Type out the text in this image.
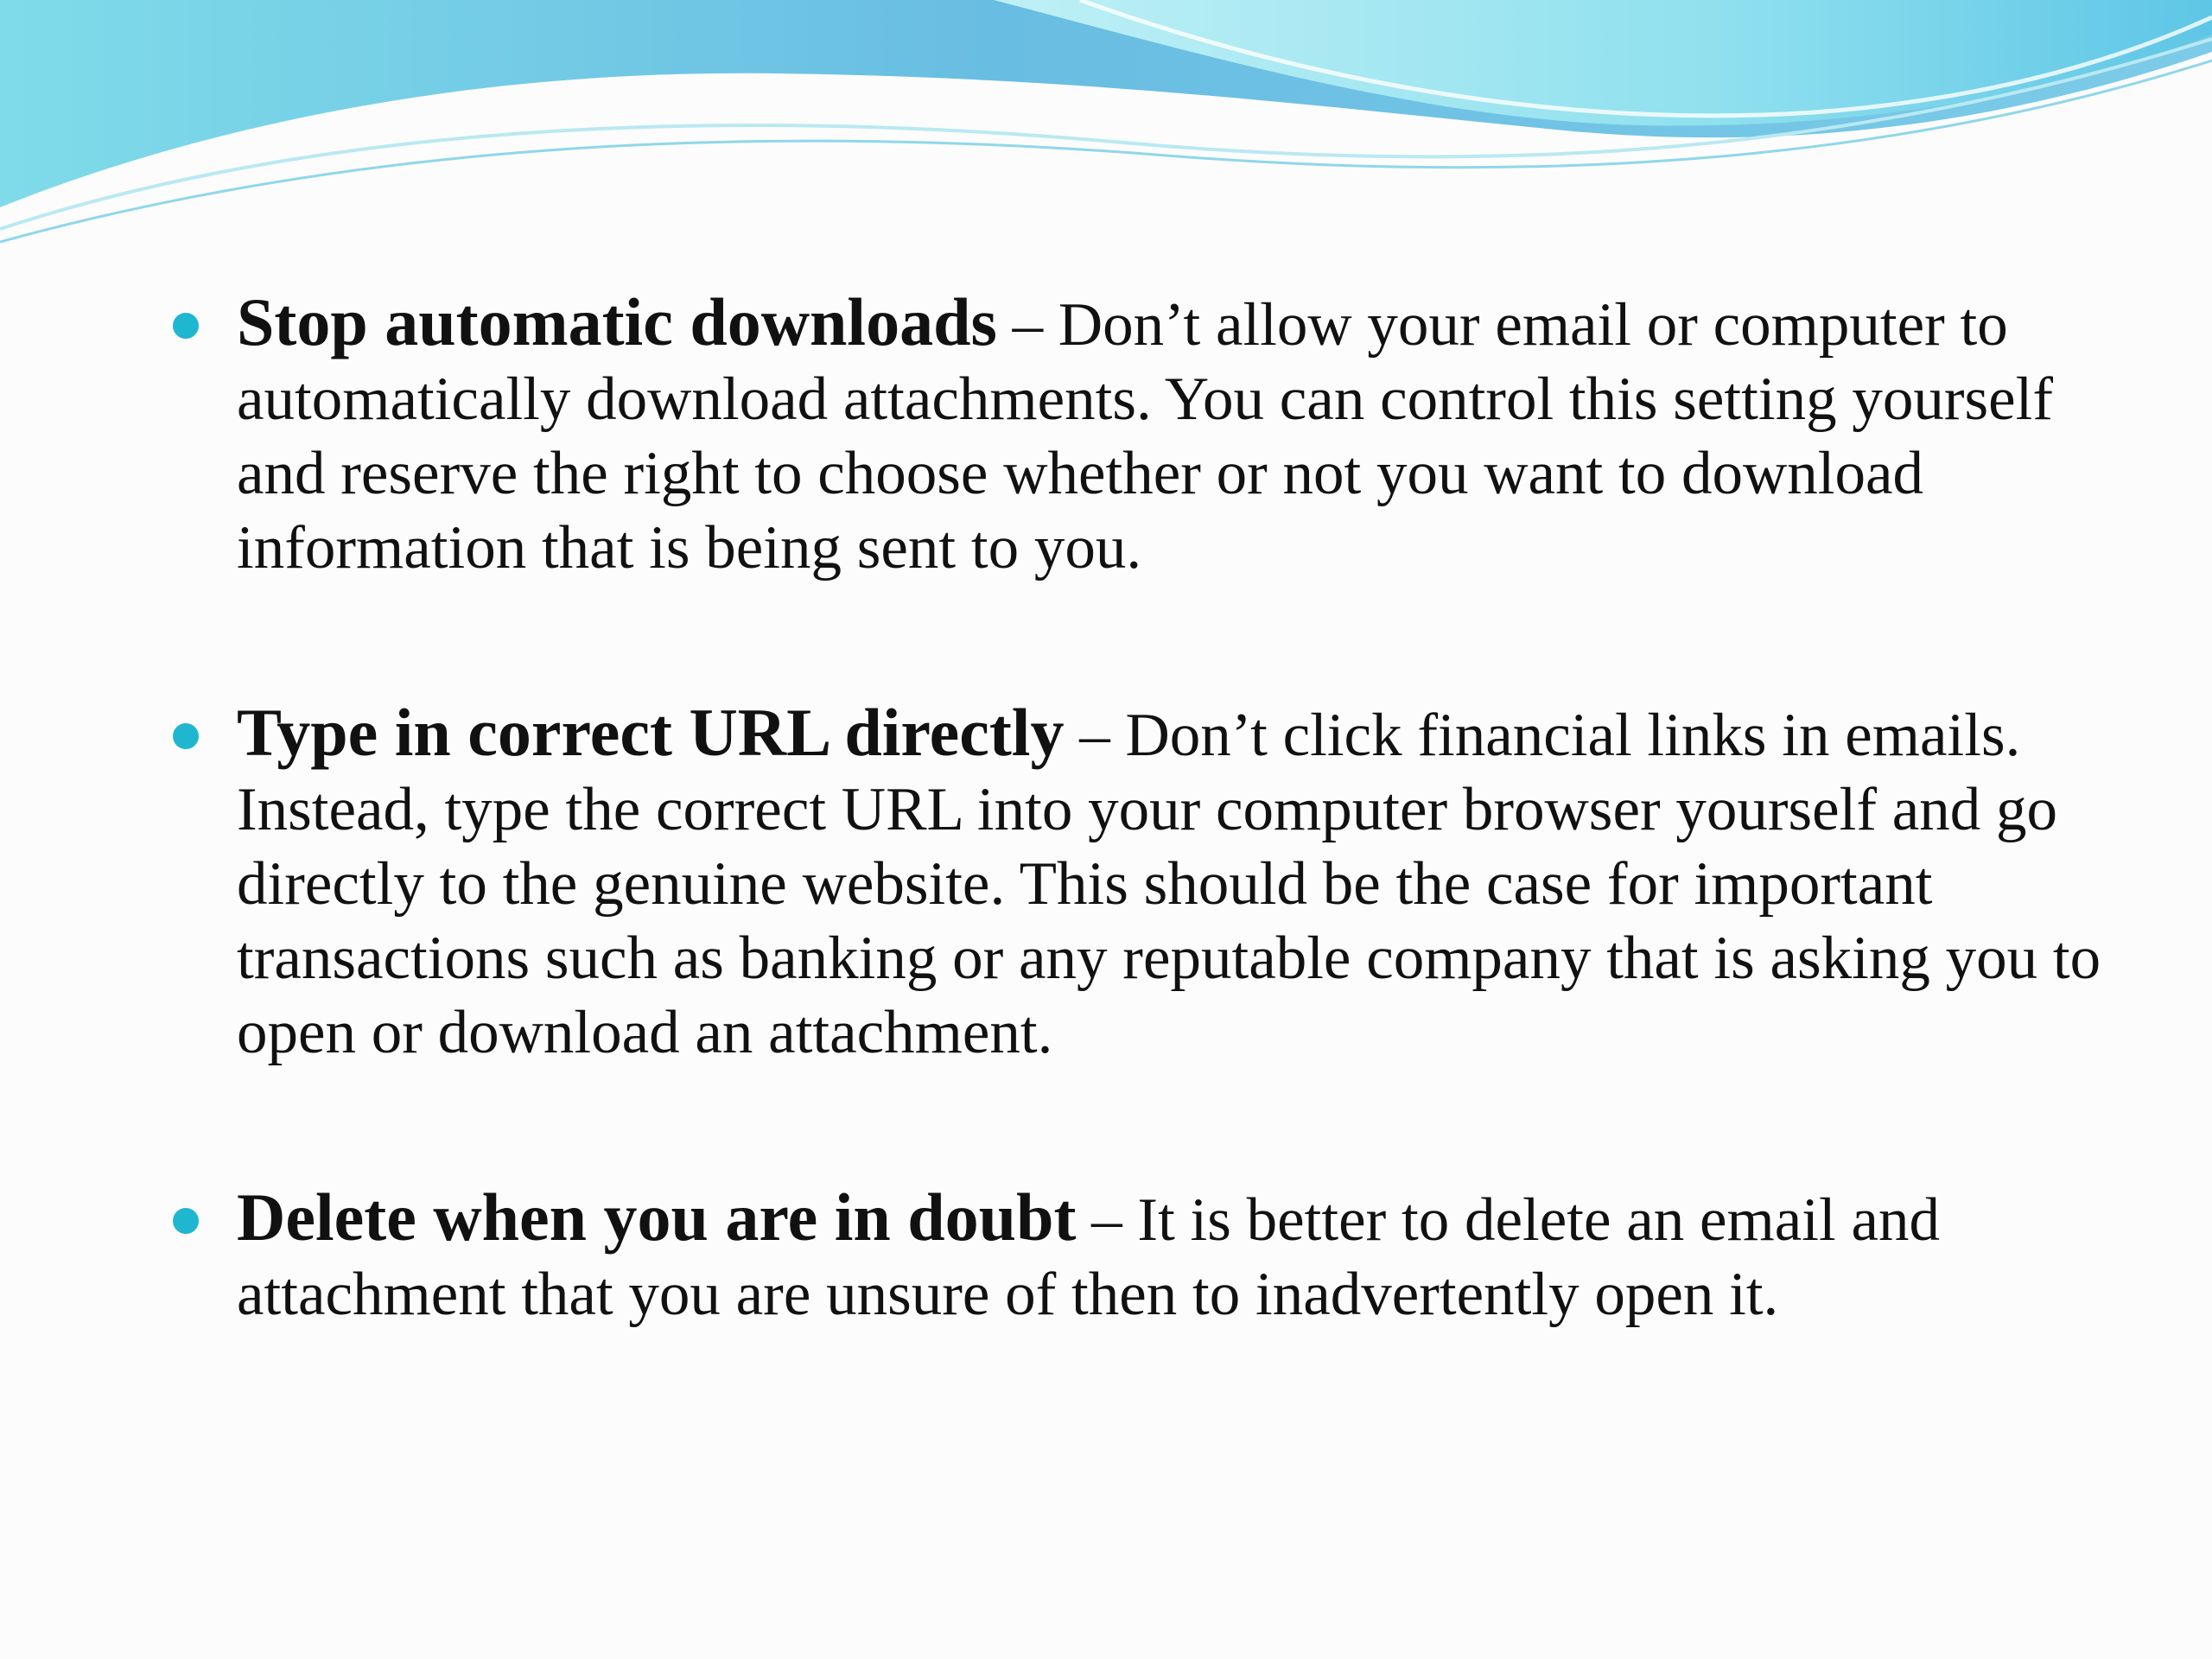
Stop automatic downloads – Don’t allow your email or computer to automatically download attachments. You can control this setting yourself and reserve the right to choose whether or not you want to download information that is being sent to you.
Type in correct URL directly – Don’t click financial links in emails. Instead, type the correct URL into your computer browser yourself and go directly to the genuine website. This should be the case for important transactions such as banking or any reputable company that is asking you to open or download an attachment.
Delete when you are in doubt – It is better to delete an email and attachment that you are unsure of then to inadvertently open it.
